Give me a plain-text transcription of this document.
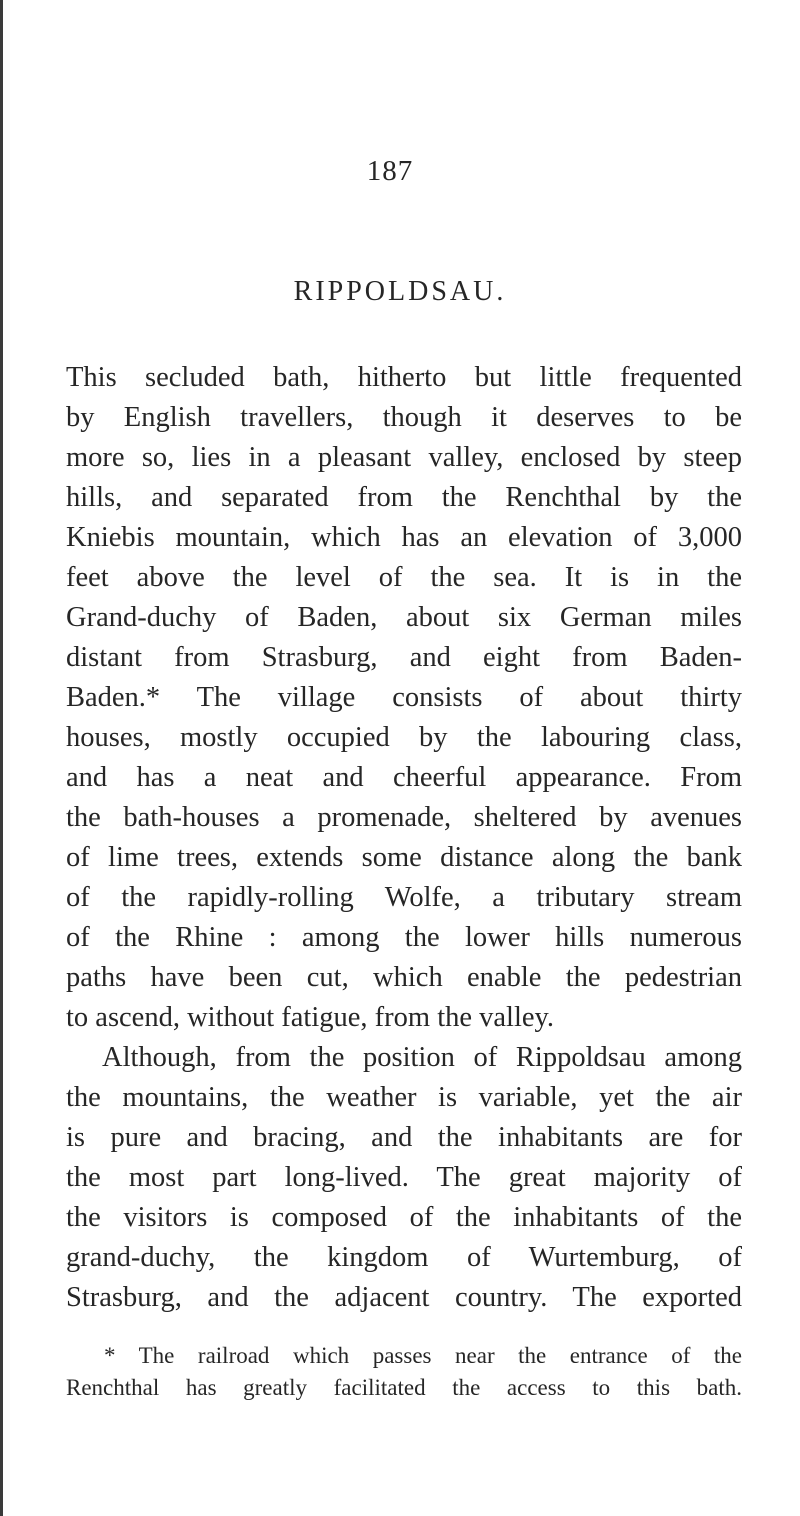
187
RIPPOLDSAU.
This secluded bath, hitherto but little frequented
by English travellers, though it deserves to be
more so, lies in a pleasant valley, enclosed by steep
hills, and separated from the Renchthal by the
Kniebis mountain, which has an elevation of 3,000
feet above the level of the sea. It is in the
Grand-duchy of Baden, about six German miles
distant from Strasburg, and eight from Baden-
Baden.* The village consists of about thirty
houses, mostly occupied by the labouring class,
and has a neat and cheerful appearance. From
the bath-houses a promenade, sheltered by avenues
of lime trees, extends some distance along the bank
of the rapidly-rolling Wolfe, a tributary stream
of the Rhine : among the lower hills numerous
paths have been cut, which enable the pedestrian
to ascend, without fatigue, from the valley.
Although, from the position of Rippoldsau among
the mountains, the weather is variable, yet the air
is pure and bracing, and the inhabitants are for
the most part long-lived. The great majority of
the visitors is composed of the inhabitants of the
grand-duchy, the kingdom of Wurtemburg, of
Strasburg, and the adjacent country. The exported
* The railroad which passes near the entrance of the
Renchthal has greatly facilitated the access to this bath.
